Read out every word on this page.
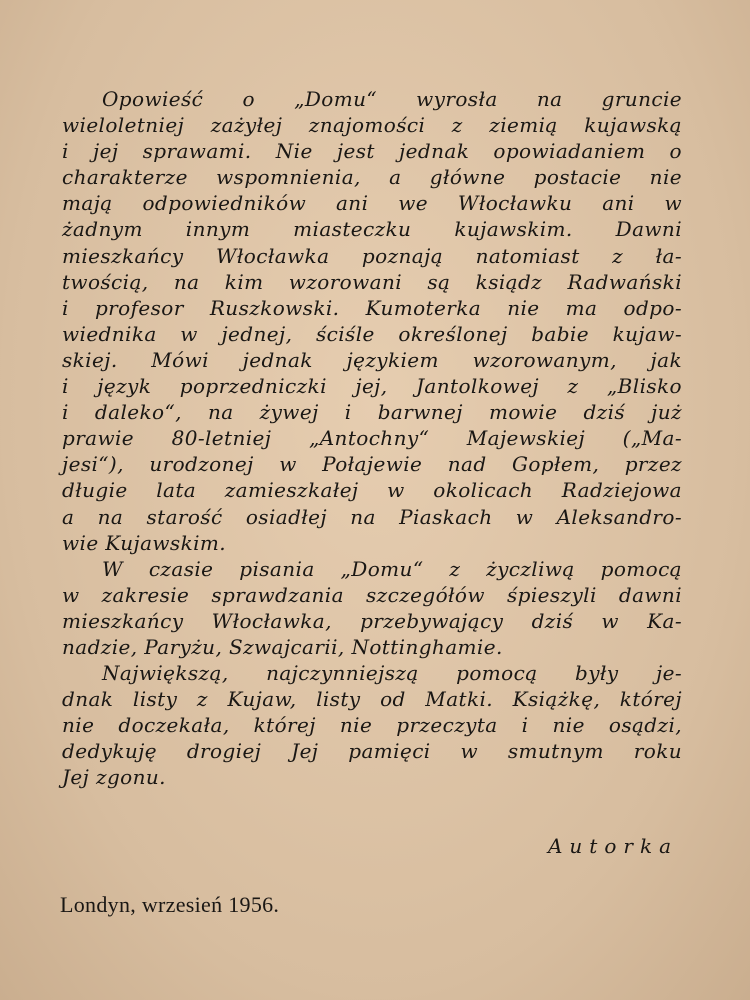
Opowieść o „Domu“ wyrosła na gruncie
wieloletniej zażyłej znajomości z ziemią kujawską
i jej sprawami. Nie jest jednak opowiadaniem o
charakterze wspomnienia, a główne postacie nie
mają odpowiedników ani we Włocławku ani w
żadnym innym miasteczku kujawskim. Dawni
mieszkańcy Włocławka poznają natomiast z ła-
twością, na kim wzorowani są ksiądz Radwański
i profesor Ruszkowski. Kumoterka nie ma odpo-
wiednika w jednej, ściśle określonej babie kujaw-
skiej. Mówi jednak językiem wzorowanym, jak
i język poprzedniczki jej, Jantolkowej z „Blisko
i daleko“, na żywej i barwnej mowie dziś już
prawie 80-letniej „Antochny“ Majewskiej („Ma-
jesi“), urodzonej w Połajewie nad Gopłem, przez
długie lata zamieszkałej w okolicach Radziejowa
a na starość osiadłej na Piaskach w Aleksandro-
wie Kujawskim.
W czasie pisania „Domu“ z życzliwą pomocą
w zakresie sprawdzania szczegółów śpieszyli dawni
mieszkańcy Włocławka, przebywający dziś w Ka-
nadzie, Paryżu, Szwajcarii, Nottinghamie.
Największą, najczynniejszą pomocą były je-
dnak listy z Kujaw, listy od Matki. Książkę, której
nie doczekała, której nie przeczyta i nie osądzi,
dedykuję drogiej Jej pamięci w smutnym roku
Jej zgonu.

Autorka

Londyn, wrzesień 1956.
